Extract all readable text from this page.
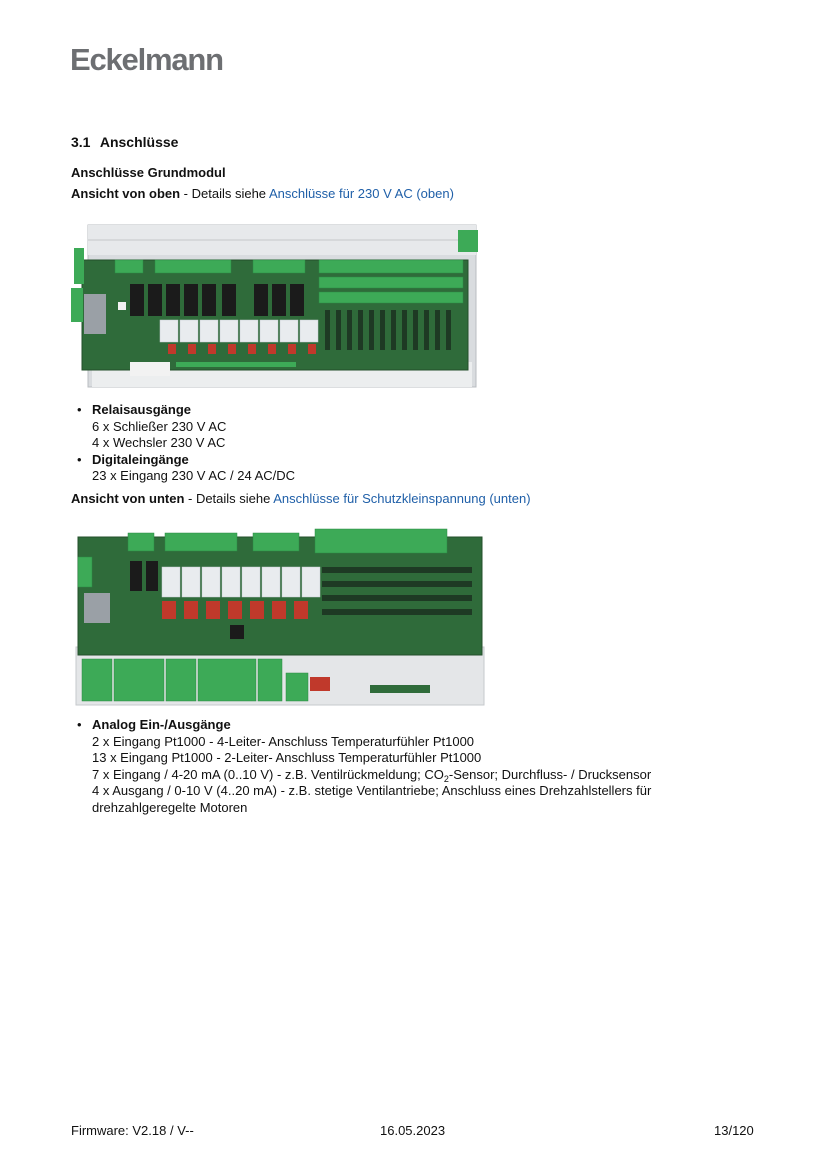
Eckelmann
3.1 Anschlüsse

Anschlüsse Grundmodul

Ansicht von oben - Details siehe Anschlüsse für 230 V AC (oben)

• Relaisausgänge
6 x Schließer 230 V AC
4 x Wechsler 230 V AC
• Digitaleingänge
23 x Eingang 230 V AC / 24 AC/DC

Ansicht von unten - Details siehe Anschlüsse für Schutzkleinspannung (unten)

• Analog Ein-/Ausgänge
2 x Eingang Pt1000 - 4-Leiter- Anschluss Temperaturfühler Pt1000
13 x Eingang Pt1000 - 2-Leiter- Anschluss Temperaturfühler Pt1000
7 x Eingang / 4-20 mA (0..10 V) - z.B. Ventilrückmeldung; $CO_2$-Sensor; Durchfluss- / Drucksensor
4 x Ausgang / 0-10 V (4..20 mA) - z.B. stetige Ventilantriebe; Anschluss eines Drehzahlstellers für
drehzahlgeregelte Motoren
Firmware: V2.18 / V--	16.05.2023	13/120
